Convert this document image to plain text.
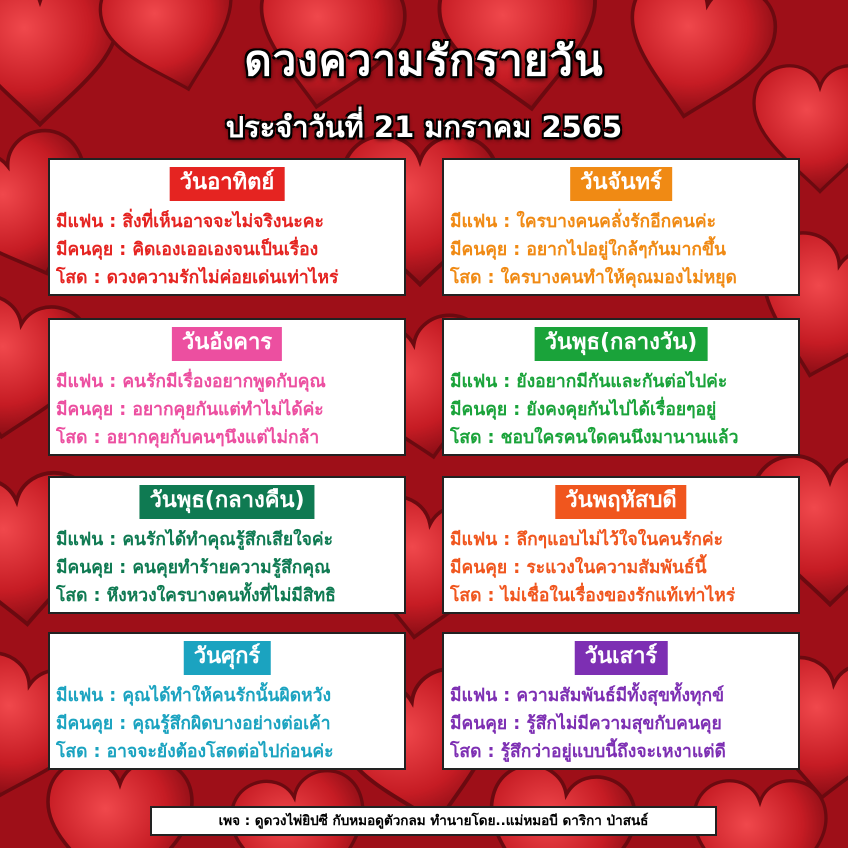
ดวงความรักรายวัน
ประจำวันที่ 21 มกราคม 2565
วันอาทิตย์
มีแฟน : สิ่งที่เห็นอาจจะไม่จริงนะคะ
มีคนคุย : คิดเองเออเองจนเป็นเรื่อง
โสด : ดวงความรักไม่ค่อยเด่นเท่าไหร่
วันจันทร์
มีแฟน : ใครบางคนคลั่งรักอีกคนค่ะ
มีคนคุย : อยากไปอยู่ใกล้ๆกันมากขึ้น
โสด : ใครบางคนทำให้คุณมองไม่หยุด
วันอังคาร
มีแฟน : คนรักมีเรื่องอยากพูดกับคุณ
มีคนคุย : อยากคุยกันแต่ทำไม่ได้ค่ะ
โสด : อยากคุยกับคนๆนึงแต่ไม่กล้า
วันพุธ(กลางวัน)
มีแฟน : ยังอยากมีกันและกันต่อไปค่ะ
มีคนคุย : ยังคงคุยกันไปได้เรื่อยๆอยู่
โสด : ชอบใครคนใดคนนึงมานานแล้ว
วันพุธ(กลางคืน)
มีแฟน : คนรักได้ทำคุณรู้สึกเสียใจค่ะ
มีคนคุย : คนคุยทำร้ายความรู้สึกคุณ
โสด : หึงหวงใครบางคนทั้งที่ไม่มีสิทธิ
วันพฤหัสบดี
มีแฟน : ลึกๆแอบไม่ไว้ใจในคนรักค่ะ
มีคนคุย : ระแวงในความสัมพันธ์นี้
โสด : ไม่เชื่อในเรื่องของรักแท้เท่าไหร่
วันศุกร์
มีแฟน : คุณได้ทำให้คนรักนั้นผิดหวัง
มีคนคุย : คุณรู้สึกผิดบางอย่างต่อเค้า
โสด : อาจจะยังต้องโสดต่อไปก่อนค่ะ
วันเสาร์
มีแฟน : ความสัมพันธ์มีทั้งสุขทั้งทุกข์
มีคนคุย : รู้สึกไม่มีความสุขกับคนคุย
โสด : รู้สึกว่าอยู่แบบนี้ถึงจะเหงาแต่ดี
เพจ : ดูดวงไพ่ยิปซี กับหมอดูตัวกลม ทำนายโดย..แม่หมอบี ดาริกา ป่าสนธ์
